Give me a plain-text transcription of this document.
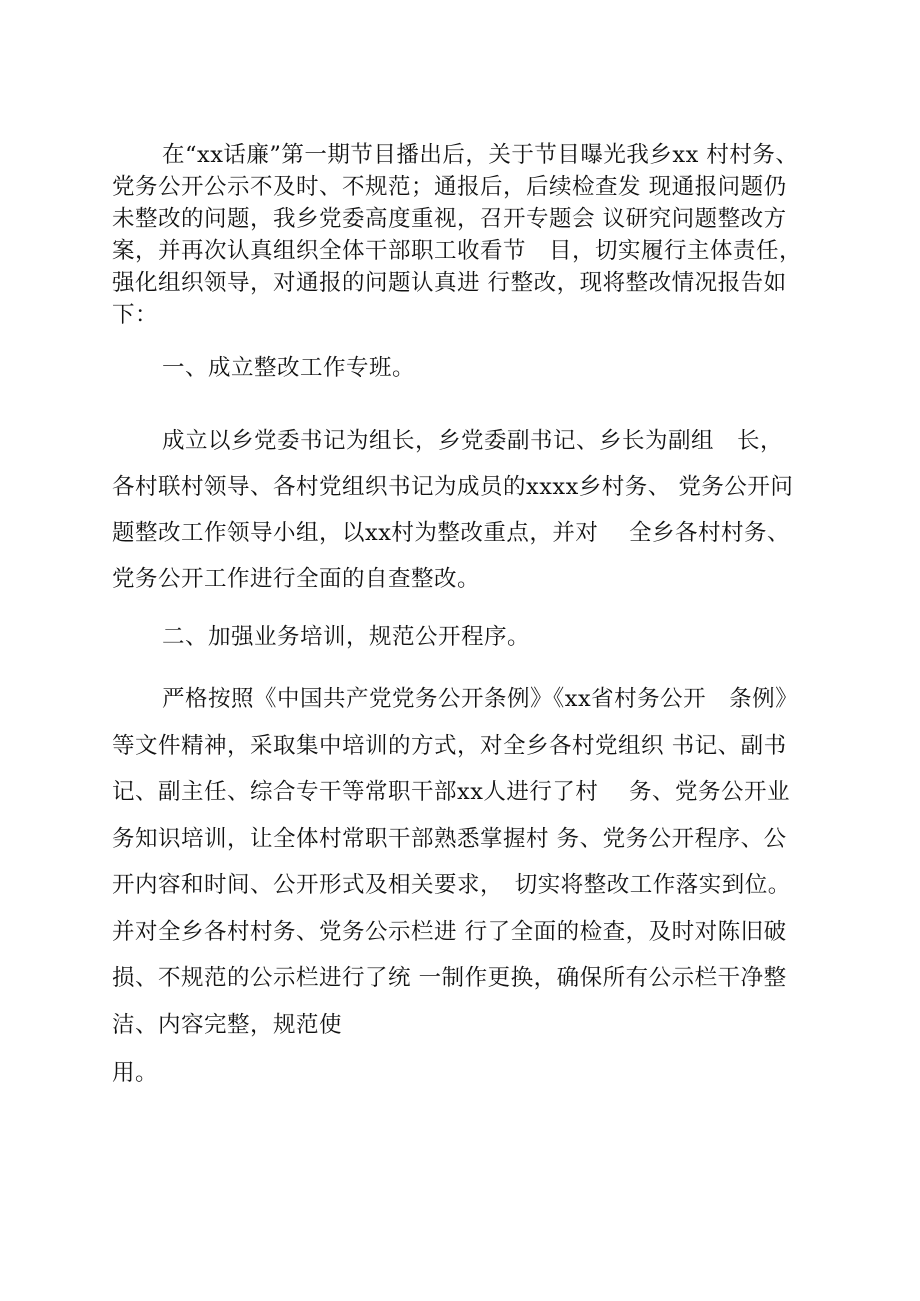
在“xx话廉”第一期节目播出后，关于节目曝光我乡xx 村村务、
党务公开公示不及时、不规范；通报后，后续检查发 现通报问题仍
未整改的问题，我乡党委高度重视，召开专题会 议研究问题整改方
案，并再次认真组织全体干部职工收看节　目，切实履行主体责任，
强化组织领导，对通报的问题认真进 行整改，现将整改情况报告如
下：
一、成立整改工作专班。
成立以乡党委书记为组长，乡党委副书记、乡长为副组　长，
各村联村领导、各村党组织书记为成员的xxxx乡村务、 党务公开问
题整改工作领导小组，以xx村为整改重点，并对　 全乡各村村务、
党务公开工作进行全面的自查整改。
二、加强业务培训，规范公开程序。
严格按照《中国共产党党务公开条例》《xx省村务公开　条例》
等文件精神，采取集中培训的方式，对全乡各村党组织 书记、副书
记、副主任、综合专干等常职干部xx人进行了村　 务、党务公开业
务知识培训，让全体村常职干部熟悉掌握村 务、党务公开程序、公
开内容和时间、公开形式及相关要求，　切实将整改工作落实到位。
并对全乡各村村务、党务公示栏进 行了全面的检查，及时对陈旧破
损、不规范的公示栏进行了统 一制作更换，确保所有公示栏干净整
洁、内容完整，规范使
用。
